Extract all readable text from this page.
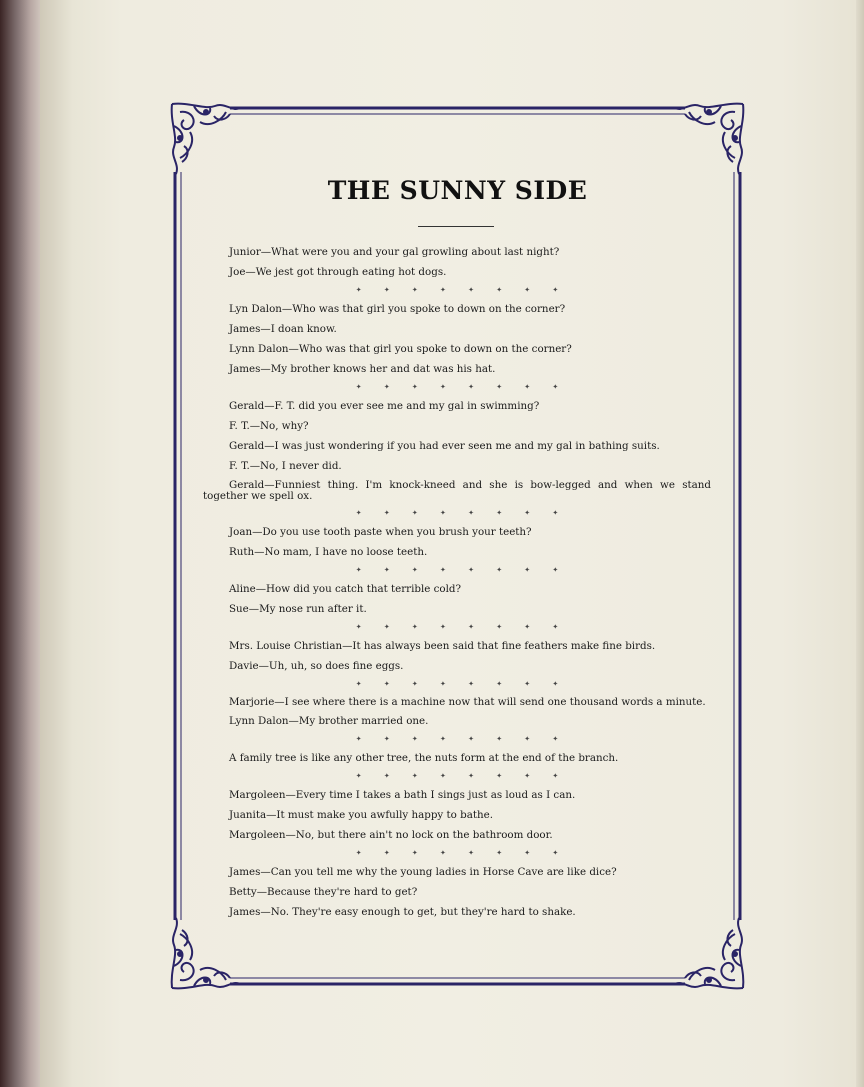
THE SUNNY SIDE

Junior—What were you and your gal growling about last night?

Joe—We jest got through eating hot dogs.

✦ ✦ ✦ ✦ ✦ ✦ ✦ ✦

Lyn Dalon—Who was that girl you spoke to down on the corner?

James—I doan know.

Lynn Dalon—Who was that girl you spoke to down on the corner?

James—My brother knows her and dat was his hat.

✦ ✦ ✦ ✦ ✦ ✦ ✦ ✦

Gerald—F. T. did you ever see me and my gal in swimming?

F. T.—No, why?

Gerald—I was just wondering if you had ever seen me and my gal in bathing suits.

F. T.—No, I never did.

Gerald—Funniest thing. I'm knock-kneed and she is bow-legged and when we stand together we spell ox.

✦ ✦ ✦ ✦ ✦ ✦ ✦ ✦

Joan—Do you use tooth paste when you brush your teeth?

Ruth—No mam, I have no loose teeth.

✦ ✦ ✦ ✦ ✦ ✦ ✦ ✦

Aline—How did you catch that terrible cold?

Sue—My nose run after it.

✦ ✦ ✦ ✦ ✦ ✦ ✦ ✦

Mrs. Louise Christian—It has always been said that fine feathers make fine birds.

Davie—Uh, uh, so does fine eggs.

✦ ✦ ✦ ✦ ✦ ✦ ✦ ✦

Marjorie—I see where there is a machine now that will send one thousand words a minute.

Lynn Dalon—My brother married one.

✦ ✦ ✦ ✦ ✦ ✦ ✦ ✦

A family tree is like any other tree, the nuts form at the end of the branch.

✦ ✦ ✦ ✦ ✦ ✦ ✦ ✦

Margoleen—Every time I takes a bath I sings just as loud as I can.

Juanita—It must make you awfully happy to bathe.

Margoleen—No, but there ain't no lock on the bathroom door.

✦ ✦ ✦ ✦ ✦ ✦ ✦ ✦

James—Can you tell me why the young ladies in Horse Cave are like dice?

Betty—Because they're hard to get?

James—No. They're easy enough to get, but they're hard to shake.
